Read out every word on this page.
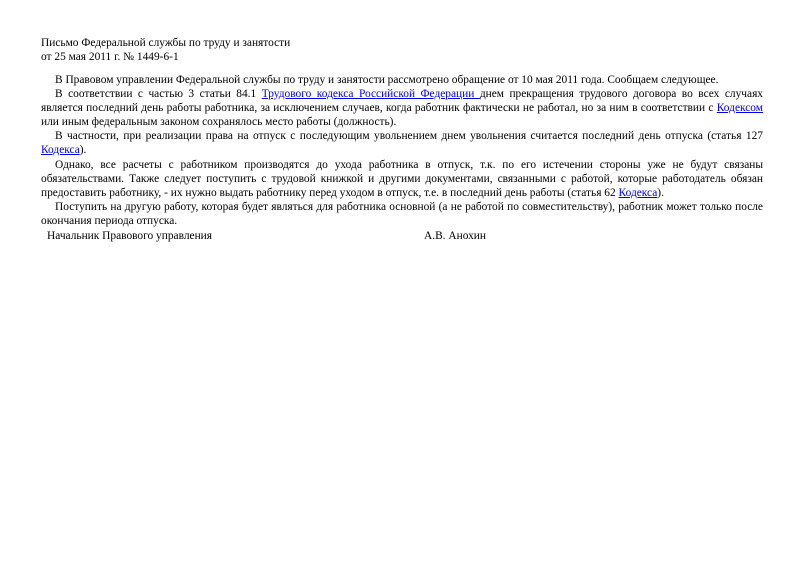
Письмо Федеральной службы по труду и занятости
от 25 мая 2011 г. № 1449-6-1

В Правовом управлении Федеральной службы по труду и занятости рассмотрено обращение от 10 мая 2011 года. Сообщаем следующее.

В соответствии с частью 3 статьи 84.1 Трудового кодекса Российской Федерации днем прекращения трудового договора во всех случаях является последний день работы работника, за исключением случаев, когда работник фактически не работал, но за ним в соответствии с Кодексом или иным федеральным законом сохранялось место работы (должность).

В частности, при реализации права на отпуск с последующим увольнением днем увольнения считается последний день отпуска (статья 127 Кодекса).

Однако, все расчеты с работником производятся до ухода работника в отпуск, т.к. по его истечении стороны уже не будут связаны обязательствами. Также следует поступить с трудовой книжкой и другими документами, связанными с работой, которые работодатель обязан предоставить работнику, - их нужно выдать работнику перед уходом в отпуск, т.е. в последний день работы (статья 62 Кодекса).

Поступить на другую работу, которая будет являться для работника основной (а не работой по совместительству), работник может только после окончания периода отпуска.

Начальник Правового управления	А.В. Анохин
